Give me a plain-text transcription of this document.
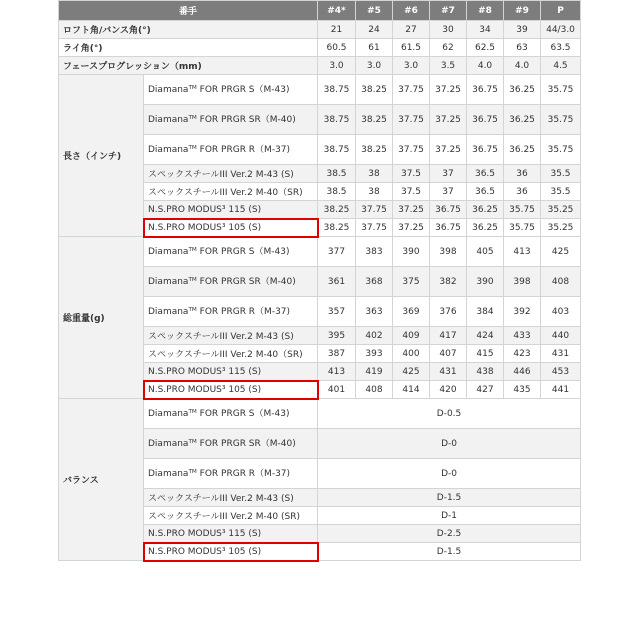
番手		#4*	#5	#6	#7	#8	#9	P
ロフト角/バンス角(°)		21	24	27	30	34	39	44/3.0
ライ角(°)		60.5	61	61.5	62	62.5	63	63.5
フェースプログレッション（mm)		3.0	3.0	3.0	3.5	4.0	4.0	4.5
長さ（インチ)	Diamanaᵀᴹ FOR PRGR S（M-43)	38.75	38.25	37.75	37.25	36.75	36.25	35.75
	Diamanaᵀᴹ FOR PRGR SR（M-40)	38.75	38.25	37.75	37.25	36.75	36.25	35.75
	Diamanaᵀᴹ FOR PRGR R（M-37)	38.75	38.25	37.75	37.25	36.75	36.25	35.75
	スペックスチールIII Ver.2 M-43 (S)	38.5	38	37.5	37	36.5	36	35.5
	スペックスチールIII Ver.2 M-40（SR)	38.5	38	37.5	37	36.5	36	35.5
	N.S.PRO MODUS³ 115 (S)	38.25	37.75	37.25	36.75	36.25	35.75	35.25
	N.S.PRO MODUS³ 105 (S)	38.25	37.75	37.25	36.75	36.25	35.75	35.25
総重量(g)	Diamanaᵀᴹ FOR PRGR S（M-43)	377	383	390	398	405	413	425
	Diamanaᵀᴹ FOR PRGR SR（M-40)	361	368	375	382	390	398	408
	Diamanaᵀᴹ FOR PRGR R（M-37)	357	363	369	376	384	392	403
	スペックスチールIII Ver.2 M-43 (S)	395	402	409	417	424	433	440
	スペックスチールIII Ver.2 M-40（SR)	387	393	400	407	415	423	431
	N.S.PRO MODUS³ 115 (S)	413	419	425	431	438	446	453
	N.S.PRO MODUS³ 105 (S)	401	408	414	420	427	435	441
バランス	Diamanaᵀᴹ FOR PRGR S（M-43)	D-0.5						
	Diamanaᵀᴹ FOR PRGR SR（M-40)	D-0						
	Diamanaᵀᴹ FOR PRGR R（M-37)	D-0						
	スペックスチールIII Ver.2 M-43 (S)	D-1.5						
	スペックスチールIII Ver.2 M-40 (SR)	D-1						
	N.S.PRO MODUS³ 115 (S)	D-2.5						
	N.S.PRO MODUS³ 105 (S)	D-1.5						
